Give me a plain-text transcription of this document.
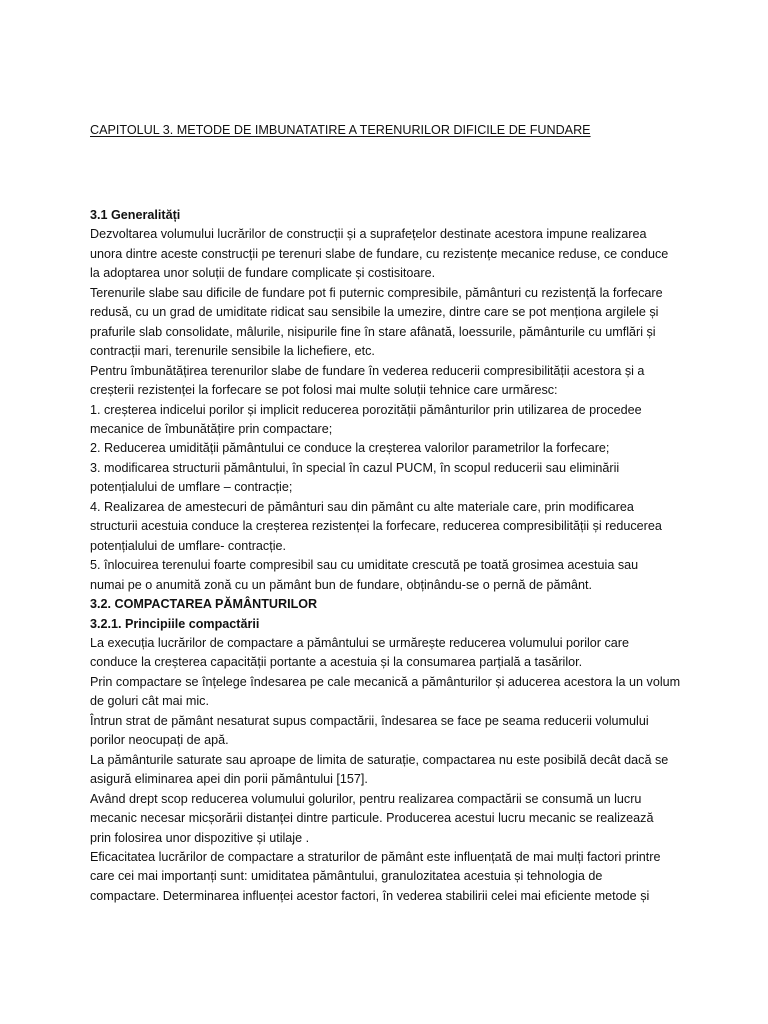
CAPITOLUL 3. METODE DE IMBUNATATIRE A TERENURILOR DIFICILE DE FUNDARE
3.1 Generalități
Dezvoltarea volumului lucrărilor de construcții și a suprafețelor destinate acestora impune realizarea
unora dintre aceste construcții pe terenuri slabe de fundare, cu rezistențe mecanice reduse, ce conduce
la adoptarea unor soluții de fundare complicate și costisitoare.
Terenurile slabe sau dificile de fundare pot fi puternic compresibile, pământuri cu rezistență la forfecare
redusă, cu un grad de umiditate ridicat sau sensibile la umezire, dintre care se pot menționa argilele și
prafurile slab consolidate, mâlurile, nisipurile fine în stare afânată, loessurile, pământurile cu umflări și
contracții mari, terenurile sensibile la lichefiere, etc.
Pentru îmbunătățirea terenurilor slabe de fundare în vederea reducerii compresibilității acestora și a
creșterii rezistenței la forfecare se pot folosi mai multe soluții tehnice care urmăresc:
1. creșterea indicelui porilor și implicit reducerea porozității pământurilor prin utilizarea de procedee
mecanice de îmbunătățire prin compactare;
2. Reducerea umidității pământului ce conduce la creșterea valorilor parametrilor la forfecare;
3. modificarea structurii pământului, în special în cazul PUCM, în scopul reducerii sau eliminării
potențialului de umflare – contracție;
4. Realizarea de amestecuri de pământuri sau din pământ cu alte materiale care, prin modificarea
structurii acestuia conduce la creșterea rezistenței la forfecare, reducerea compresibilității și reducerea
potențialului de umflare- contracție.
5. înlocuirea terenului foarte compresibil sau cu umiditate crescută pe toată grosimea acestuia sau
numai pe o anumită zonă cu un pământ bun de fundare, obținându-se o pernă de pământ.
3.2. COMPACTAREA PĂMÂNTURILOR
3.2.1. Principiile compactării
La execuția lucrărilor de compactare a pământului se urmărește reducerea volumului porilor care
conduce la creșterea capacității portante a acestuia și la consumarea parțială a tasărilor.
Prin compactare se înțelege îndesarea pe cale mecanică a pământurilor și aducerea acestora la un volum
de goluri cât mai mic.
Întrun strat de pământ nesaturat supus compactării, îndesarea se face pe seama reducerii volumului
porilor neocupați de apă.
La pământurile saturate sau aproape de limita de saturație, compactarea nu este posibilă decât dacă se
asigură eliminarea apei din porii pământului [157].
Având drept scop reducerea volumului golurilor, pentru realizarea compactării se consumă un lucru
mecanic necesar micșorării distanței dintre particule. Producerea acestui lucru mecanic se realizează
prin folosirea unor dispozitive și utilaje .
Eficacitatea lucrărilor de compactare a straturilor de pământ este influențată de mai mulți factori printre
care cei mai importanți sunt: umiditatea pământului, granulozitatea acestuia și tehnologia de
compactare. Determinarea influenței acestor factori, în vederea stabilirii celei mai eficiente metode și
